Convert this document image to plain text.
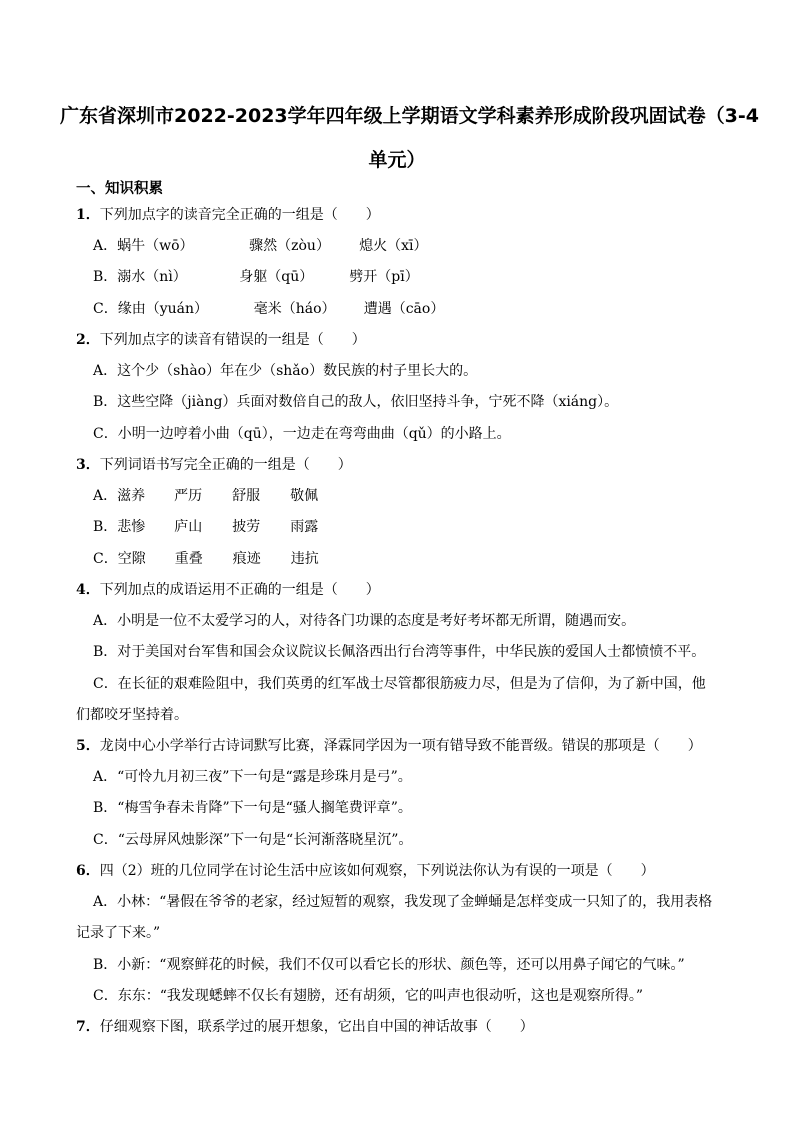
广东省深圳市2022-2023学年四年级上学期语文学科素养形成阶段巩固试卷（3-4
单元）
一、知识积累
1．下列加点字的读音完全正确的一组是（　　）
A．蜗牛（wō）	骤然（zòu） 熄火（xī）
B．溺水（nì）	身躯（qū）	劈开（pī）
C．缘由（yuán）	毫米（háo） 遭遇（cāo）
2．下列加点字的读音有错误的一组是（　　）
A．这个少（shào）年在少（shǎo）数民族的村子里长大的。
B．这些空降（jiàng）兵面对数倍自己的敌人，依旧坚持斗争，宁死不降（xiáng）。
C．小明一边哼着小曲（qū），一边走在弯弯曲曲（qǔ）的小路上。
3．下列词语书写完全正确的一组是（　　）
A．滋养 严历 舒服 敬佩
B．悲惨 庐山 披劳 雨露
C．空隙 重叠 痕迹 违抗
4．下列加点的成语运用不正确的一组是（　　）
A．小明是一位不太爱学习的人，对待各门功课的态度是考好考坏都无所谓，随遇而安。
B．对于美国对台军售和国会众议院议长佩洛西出行台湾等事件，中华民族的爱国人士都愤愤不平。
C．在长征的艰难险阻中，我们英勇的红军战士尽管都很筋疲力尽，但是为了信仰，为了新中国，他
们都咬牙坚持着。
5．龙岗中心小学举行古诗词默写比赛，泽霖同学因为一项有错导致不能晋级。错误的那项是（　　）
A．“可怜九月初三夜”下一句是“露是珍珠月是弓”。
B．“梅雪争春未肯降”下一句是“骚人搁笔费评章”。
C．“云母屏风烛影深”下一句是“长河渐落晓星沉”。
6．四（2）班的几位同学在讨论生活中应该如何观察，下列说法你认为有误的一项是（　　）
A．小林：“暑假在爷爷的老家，经过短暂的观察，我发现了金蝉蛹是怎样变成一只知了的，我用表格
记录了下来。”
B．小新：“观察鲜花的时候，我们不仅可以看它长的形状、颜色等，还可以用鼻子闻它的气味。”
C．东东：“我发现蟋蟀不仅长有翅膀，还有胡须，它的叫声也很动听，这也是观察所得。”
7．仔细观察下图，联系学过的展开想象，它出自中国的神话故事（　　）
